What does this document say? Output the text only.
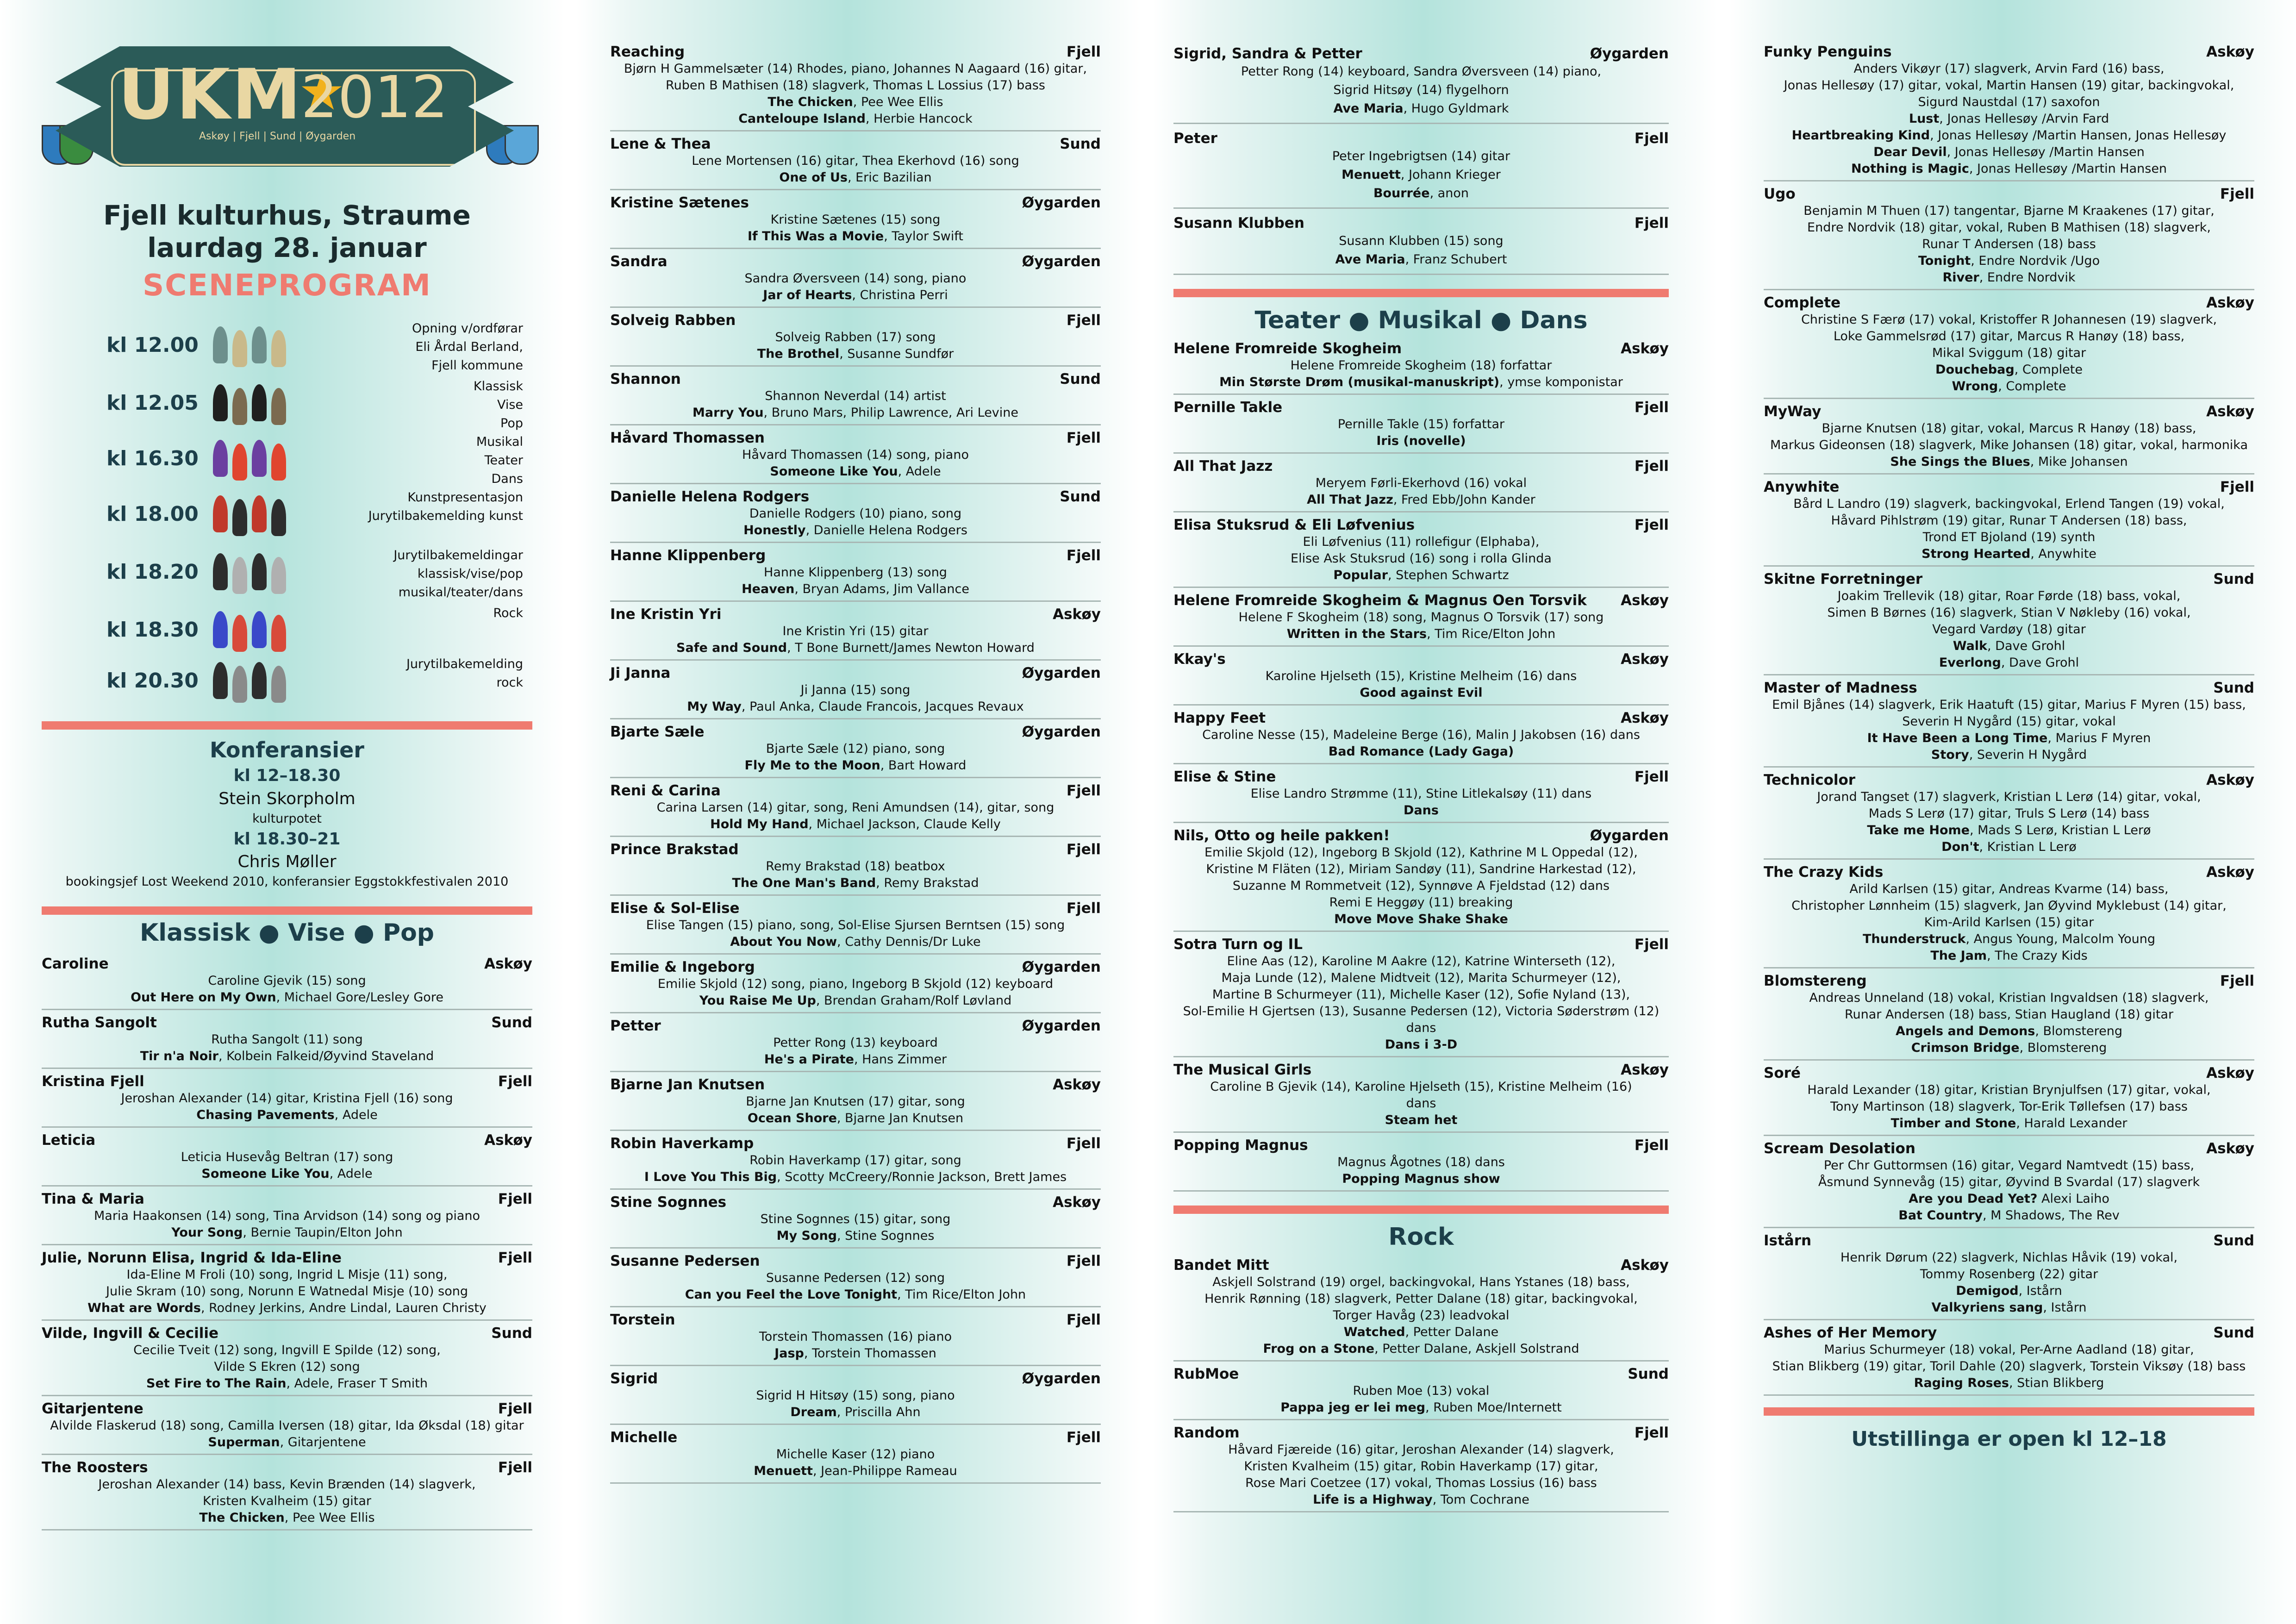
UKM
2012
Askøy | Fjell | Sund | Øygarden
Fjell kulturhus, Straume
laurdag 28. januar
SCENEPROGRAM
kl 12.00
Opning v/ordførar
Eli Årdal Berland,
Fjell kommune
kl 12.05
Klassisk
Vise
Pop
kl 16.30
Musikal
Teater
Dans
kl 18.00
Kunstpresentasjon
Jurytilbakemelding kunst
kl 18.20
Jurytilbakemeldingar
klassisk/vise/pop
musikal/teater/dans
kl 18.30
Rock
kl 20.30
Jurytilbakemelding
rock
Konferansier
kl 12–18.30
Stein Skorpholm
kulturpotet
kl 18.30–21
Chris Møller
bookingsjef Lost Weekend 2010, konferansier Eggstokkfestivalen 2010
Klassisk ● Vise ● Pop
Caroline	Askøy
Caroline Gjevik (15) song
Out Here on My Own, Michael Gore/Lesley Gore
Rutha Sangolt	Sund
Rutha Sangolt (11) song
Tir n'a Noir, Kolbein Falkeid/Øyvind Staveland
Kristina Fjell	Fjell
Jeroshan Alexander (14) gitar, Kristina Fjell (16) song
Chasing Pavements, Adele
Leticia	Askøy
Leticia Husevåg Beltran (17) song
Someone Like You, Adele
Tina & Maria	Fjell
Maria Haakonsen (14) song, Tina Arvidson (14) song og piano
Your Song, Bernie Taupin/Elton John
Julie, Norunn Elisa, Ingrid & Ida-Eline	Fjell
Ida-Eline M Froli (10) song, Ingrid L Misje (11) song,
Julie Skram (10) song, Norunn E Watnedal Misje (10) song
What are Words, Rodney Jerkins, Andre Lindal, Lauren Christy
Vilde, Ingvill & Cecilie	Sund
Cecilie Tveit (12) song, Ingvill E Spilde (12) song,
Vilde S Ekren (12) song
Set Fire to The Rain, Adele, Fraser T Smith
Gitarjentene	Fjell
Alvilde Flaskerud (18) song, Camilla Iversen (18) gitar, Ida Øksdal (18) gitar
Superman, Gitarjentene
The Roosters	Fjell
Jeroshan Alexander (14) bass, Kevin Brænden (14) slagverk,
Kristen Kvalheim (15) gitar
The Chicken, Pee Wee Ellis
Reaching	Fjell
Bjørn H Gammelsæter (14) Rhodes, piano, Johannes N Aagaard (16) gitar,
Ruben B Mathisen (18) slagverk, Thomas L Lossius (17) bass
The Chicken, Pee Wee Ellis
Canteloupe Island, Herbie Hancock
Lene & Thea	Sund
Lene Mortensen (16) gitar, Thea Ekerhovd (16) song
One of Us, Eric Bazilian
Kristine Sætenes	Øygarden
Kristine Sætenes (15) song
If This Was a Movie, Taylor Swift
Sandra	Øygarden
Sandra Øversveen (14) song, piano
Jar of Hearts, Christina Perri
Solveig Rabben	Fjell
Solveig Rabben (17) song
The Brothel, Susanne Sundfør
Shannon	Sund
Shannon Neverdal (14) artist
Marry You, Bruno Mars, Philip Lawrence, Ari Levine
Håvard Thomassen	Fjell
Håvard Thomassen (14) song, piano
Someone Like You, Adele
Danielle Helena Rodgers	Sund
Danielle Rodgers (10) piano, song
Honestly, Danielle Helena Rodgers
Hanne Klippenberg	Fjell
Hanne Klippenberg (13) song
Heaven, Bryan Adams, Jim Vallance
Ine Kristin Yri	Askøy
Ine Kristin Yri (15) gitar
Safe and Sound, T Bone Burnett/James Newton Howard
Ji Janna	Øygarden
Ji Janna (15) song
My Way, Paul Anka, Claude Francois, Jacques Revaux
Bjarte Sæle	Øygarden
Bjarte Sæle (12) piano, song
Fly Me to the Moon, Bart Howard
Reni & Carina	Fjell
Carina Larsen (14) gitar, song, Reni Amundsen (14), gitar, song
Hold My Hand, Michael Jackson, Claude Kelly
Prince Brakstad	Fjell
Remy Brakstad (18) beatbox
The One Man's Band, Remy Brakstad
Elise & Sol-Elise	Fjell
Elise Tangen (15) piano, song, Sol-Elise Sjursen Berntsen (15) song
About You Now, Cathy Dennis/Dr Luke
Emilie & Ingeborg	Øygarden
Emilie Skjold (12) song, piano, Ingeborg B Skjold (12) keyboard
You Raise Me Up, Brendan Graham/Rolf Løvland
Petter	Øygarden
Petter Rong (13) keyboard
He's a Pirate, Hans Zimmer
Bjarne Jan Knutsen	Askøy
Bjarne Jan Knutsen (17) gitar, song
Ocean Shore, Bjarne Jan Knutsen
Robin Haverkamp	Fjell
Robin Haverkamp (17) gitar, song
I Love You This Big, Scotty McCreery/Ronnie Jackson, Brett James
Stine Sognnes	Askøy
Stine Sognnes (15) gitar, song
My Song, Stine Sognnes
Susanne Pedersen	Fjell
Susanne Pedersen (12) song
Can you Feel the Love Tonight, Tim Rice/Elton John
Torstein	Fjell
Torstein Thomassen (16) piano
Jasp, Torstein Thomassen
Sigrid	Øygarden
Sigrid H Hitsøy (15) song, piano
Dream, Priscilla Ahn
Michelle	Fjell
Michelle Kaser (12) piano
Menuett, Jean-Philippe Rameau
Sigrid, Sandra & Petter	Øygarden
Petter Rong (14) keyboard, Sandra Øversveen (14) piano,
Sigrid Hitsøy (14) flygelhorn
Ave Maria, Hugo Gyldmark
Peter	Fjell
Peter Ingebrigtsen (14) gitar
Menuett, Johann Krieger
Bourrée, anon
Susann Klubben	Fjell
Susann Klubben (15) song
Ave Maria, Franz Schubert
Teater ● Musikal ● Dans
Helene Fromreide Skogheim	Askøy
Helene Fromreide Skogheim (18) forfattar
Min Største Drøm (musikal-manuskript), ymse komponistar
Pernille Takle	Fjell
Pernille Takle (15) forfattar
Iris (novelle)
All That Jazz	Fjell
Meryem Førli-Ekerhovd (16) vokal
All That Jazz, Fred Ebb/John Kander
Elisa Stuksrud & Eli Løfvenius	Fjell
Eli Løfvenius (11) rollefigur (Elphaba),
Elise Ask Stuksrud (16) song i rolla Glinda
Popular, Stephen Schwartz
Helene Fromreide Skogheim & Magnus Oen Torsvik Askøy
Helene F Skogheim (18) song, Magnus O Torsvik (17) song
Written in the Stars, Tim Rice/Elton John
Kkay's	Askøy
Karoline Hjelseth (15), Kristine Melheim (16) dans
Good against Evil
Happy Feet	Askøy
Caroline Nesse (15), Madeleine Berge (16), Malin J Jakobsen (16) dans
Bad Romance (Lady Gaga)
Elise & Stine	Fjell
Elise Landro Strømme (11), Stine Litlekalsøy (11) dans
Dans
Nils, Otto og heile pakken!	Øygarden
Emilie Skjold (12), Ingeborg B Skjold (12), Kathrine M L Oppedal (12),
Kristine M Fläten (12), Miriam Sandøy (11), Sandrine Harkestad (12),
Suzanne M Rommetveit (12), Synnøve A Fjeldstad (12) dans
Remi E Heggøy (11) breaking
Move Move Shake Shake
Sotra Turn og IL	Fjell
Eline Aas (12), Karoline M Aakre (12), Katrine Winterseth (12),
Maja Lunde (12), Malene Midtveit (12), Marita Schurmeyer (12),
Martine B Schurmeyer (11), Michelle Kaser (12), Sofie Nyland (13),
Sol-Emilie H Gjertsen (13), Susanne Pedersen (12), Victoria Søderstrøm (12)
dans
Dans i 3-D
The Musical Girls	Askøy
Caroline B Gjevik (14), Karoline Hjelseth (15), Kristine Melheim (16)
dans
Steam het
Popping Magnus	Fjell
Magnus Ågotnes (18) dans
Popping Magnus show
Rock
Bandet Mitt	Askøy
Askjell Solstrand (19) orgel, backingvokal, Hans Ystanes (18) bass,
Henrik Rønning (18) slagverk, Petter Dalane (18) gitar, backingvokal,
Torger Havåg (23) leadvokal
Watched, Petter Dalane
Frog on a Stone, Petter Dalane, Askjell Solstrand
RubMoe	Sund
Ruben Moe (13) vokal
Pappa jeg er lei meg, Ruben Moe/Internett
Random	Fjell
Håvard Fjæreide (16) gitar, Jeroshan Alexander (14) slagverk,
Kristen Kvalheim (15) gitar, Robin Haverkamp (17) gitar,
Rose Mari Coetzee (17) vokal, Thomas Lossius (16) bass
Life is a Highway, Tom Cochrane
Funky Penguins	Askøy
Anders Vikøyr (17) slagverk, Arvin Fard (16) bass,
Jonas Hellesøy (17) gitar, vokal, Martin Hansen (19) gitar, backingvokal,
Sigurd Naustdal (17) saxofon
Lust, Jonas Hellesøy /Arvin Fard
Heartbreaking Kind, Jonas Hellesøy /Martin Hansen, Jonas Hellesøy
Dear Devil, Jonas Hellesøy /Martin Hansen
Nothing is Magic, Jonas Hellesøy /Martin Hansen
Ugo	Fjell
Benjamin M Thuen (17) tangentar, Bjarne M Kraakenes (17) gitar,
Endre Nordvik (18) gitar, vokal, Ruben B Mathisen (18) slagverk,
Runar T Andersen (18) bass
Tonight, Endre Nordvik /Ugo
River, Endre Nordvik
Complete	Askøy
Christine S Færø (17) vokal, Kristoffer R Johannesen (19) slagverk,
Loke Gammelsrød (17) gitar, Marcus R Hanøy (18) bass,
Mikal Sviggum (18) gitar
Douchebag, Complete
Wrong, Complete
MyWay	Askøy
Bjarne Knutsen (18) gitar, vokal, Marcus R Hanøy (18) bass,
Markus Gideonsen (18) slagverk, Mike Johansen (18) gitar, vokal, harmonika
She Sings the Blues, Mike Johansen
Anywhite	Fjell
Bård L Landro (19) slagverk, backingvokal, Erlend Tangen (19) vokal,
Håvard Pihlstrøm (19) gitar, Runar T Andersen (18) bass,
Trond ET Bjoland (19) synth
Strong Hearted, Anywhite
Skitne Forretninger	Sund
Joakim Trellevik (18) gitar, Roar Førde (18) bass, vokal,
Simen B Børnes (16) slagverk, Stian V Nøkleby (16) vokal,
Vegard Vardøy (18) gitar
Walk, Dave Grohl
Everlong, Dave Grohl
Master of Madness	Sund
Emil Bjånes (14) slagverk, Erik Haatuft (15) gitar, Marius F Myren (15) bass,
Severin H Nygård (15) gitar, vokal
It Have Been a Long Time, Marius F Myren
Story, Severin H Nygård
Technicolor	Askøy
Jorand Tangset (17) slagverk, Kristian L Lerø (14) gitar, vokal,
Mads S Lerø (17) gitar, Truls S Lerø (14) bass
Take me Home, Mads S Lerø, Kristian L Lerø
Don't, Kristian L Lerø
The Crazy Kids	Askøy
Arild Karlsen (15) gitar, Andreas Kvarme (14) bass,
Christopher Lønnheim (15) slagverk, Jan Øyvind Myklebust (14) gitar,
Kim-Arild Karlsen (15) gitar
Thunderstruck, Angus Young, Malcolm Young
The Jam, The Crazy Kids
Blomstereng	Fjell
Andreas Unneland (18) vokal, Kristian Ingvaldsen (18) slagverk,
Runar Andersen (18) bass, Stian Haugland (18) gitar
Angels and Demons, Blomstereng
Crimson Bridge, Blomstereng
Soré	Askøy
Harald Lexander (18) gitar, Kristian Brynjulfsen (17) gitar, vokal,
Tony Martinson (18) slagverk, Tor-Erik Tøllefsen (17) bass
Timber and Stone, Harald Lexander
Scream Desolation	Askøy
Per Chr Guttormsen (16) gitar, Vegard Namtvedt (15) bass,
Åsmund Synnevåg (15) gitar, Øyvind B Svardal (17) slagverk
Are you Dead Yet? Alexi Laiho
Bat Country, M Shadows, The Rev
Istårn	Sund
Henrik Dørum (22) slagverk, Nichlas Håvik (19) vokal,
Tommy Rosenberg (22) gitar
Demigod, Istårn
Valkyriens sang, Istårn
Ashes of Her Memory	Sund
Marius Schurmeyer (18) vokal, Per-Arne Aadland (18) gitar,
Stian Blikberg (19) gitar, Toril Dahle (20) slagverk, Torstein Viksøy (18) bass
Raging Roses, Stian Blikberg
Utstillinga er open kl 12–18
